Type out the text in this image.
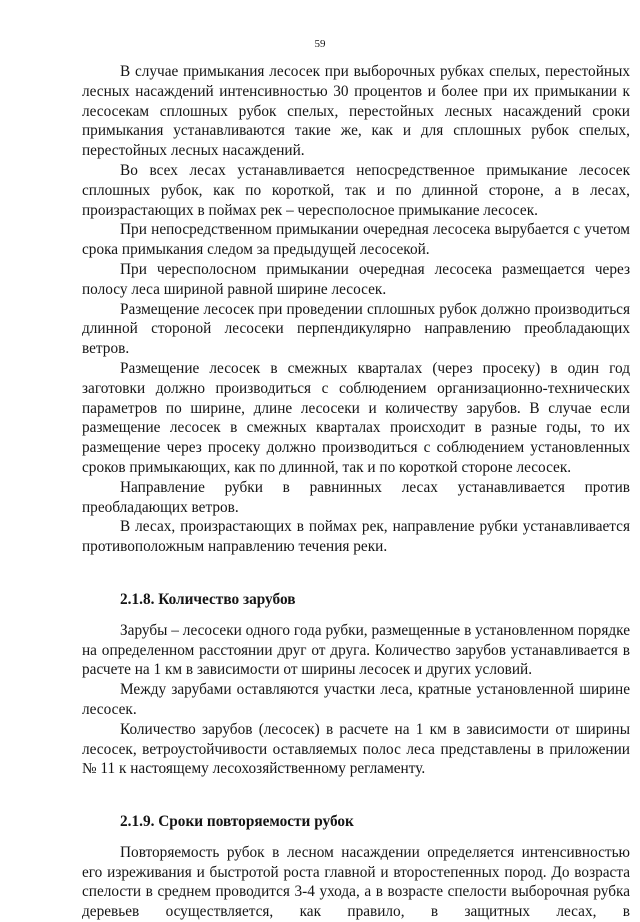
59

В случае примыкания лесосек при выборочных рубках спелых, перестойных лесных насаждений интенсивностью 30 процентов и более при их примыкании к лесосекам сплошных рубок спелых, перестойных лесных насаждений сроки примыкания устанавливаются такие же, как и для сплошных рубок спелых, перестойных лесных насаждений.

Во всех лесах устанавливается непосредственное примыкание лесосек сплошных рубок, как по короткой, так и по длинной стороне, а в лесах, произрастающих в поймах рек – чересполосное примыкание лесосек.

При непосредственном примыкании очередная лесосека вырубается с учетом срока примыкания следом за предыдущей лесосекой.

При чересполосном примыкании очередная лесосека размещается через полосу леса шириной равной ширине лесосек.

Размещение лесосек при проведении сплошных рубок должно производиться длинной стороной лесосеки перпендикулярно направлению преобладающих ветров.

Размещение лесосек в смежных кварталах (через просеку) в один год заготовки должно производиться с соблюдением организационно-технических параметров по ширине, длине лесосеки и количеству зарубов. В случае если размещение лесосек в смежных кварталах происходит в разные годы, то их размещение через просеку должно производиться с соблюдением установленных сроков примыкающих, как по длинной, так и по короткой стороне лесосек.

Направление рубки в равнинных лесах устанавливается против преобладающих ветров.

В лесах, произрастающих в поймах рек, направление рубки устанавливается противоположным направлению течения реки.

2.1.8. Количество зарубов

Зарубы – лесосеки одного года рубки, размещенные в установленном порядке на определенном расстоянии друг от друга. Количество зарубов устанавливается в расчете на 1 км в зависимости от ширины лесосек и других условий.

Между зарубами оставляются участки леса, кратные установленной ширине лесосек.

Количество зарубов (лесосек) в расчете на 1 км в зависимости от ширины лесосек, ветроустойчивости оставляемых полос леса представлены в приложении № 11 к настоящему лесохозяйственному регламенту.

2.1.9. Сроки повторяемости рубок

Повторяемость рубок в лесном насаждении определяется интенсивностью его изреживания и быстротой роста главной и второстепенных пород. До возраста спелости в среднем проводится 3-4 ухода, а в возрасте спелости выборочная рубка деревьев осуществляется, как правило, в защитных лесах, в
